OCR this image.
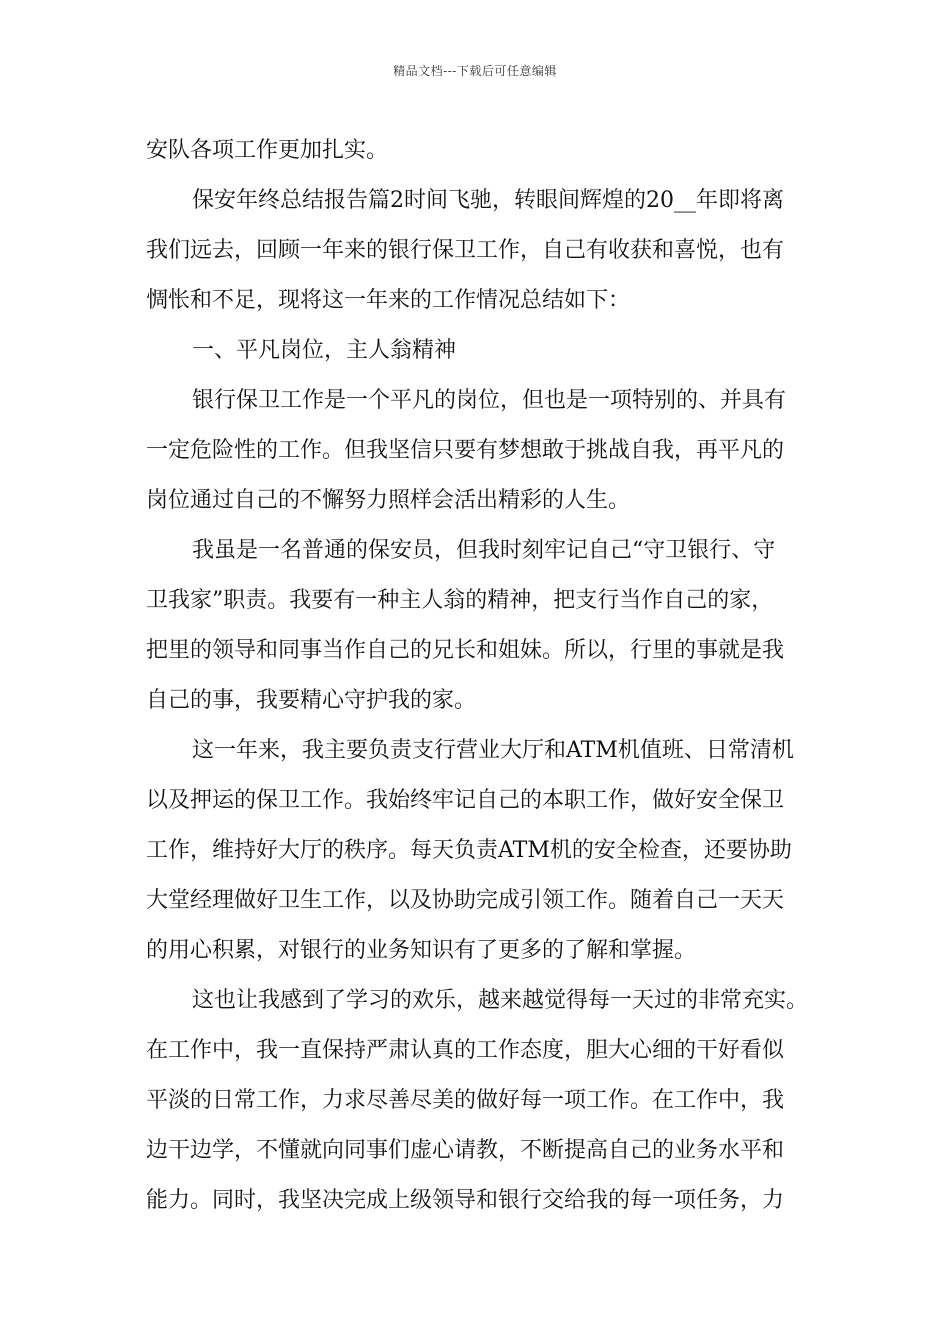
精品文档---下载后可任意编辑
安队各项工作更加扎实。
保安年终总结报告篇2时间飞驰，转眼间辉煌的20__年即将离
我们远去，回顾一年来的银行保卫工作，自己有收获和喜悦，也有
惆怅和不足，现将这一年来的工作情况总结如下：
一、平凡岗位，主人翁精神
银行保卫工作是一个平凡的岗位，但也是一项特别的、并具有
一定危险性的工作。但我坚信只要有梦想敢于挑战自我，再平凡的
岗位通过自己的不懈努力照样会活出精彩的人生。
我虽是一名普通的保安员，但我时刻牢记自己“守卫银行、守
卫我家”职责。我要有一种主人翁的精神，把支行当作自己的家，
把里的领导和同事当作自己的兄长和姐妹。所以，行里的事就是我
自己的事，我要精心守护我的家。
这一年来，我主要负责支行营业大厅和ATM机值班、日常清机
以及押运的保卫工作。我始终牢记自己的本职工作，做好安全保卫
工作，维持好大厅的秩序。每天负责ATM机的安全检查，还要协助
大堂经理做好卫生工作，以及协助完成引领工作。随着自己一天天
的用心积累，对银行的业务知识有了更多的了解和掌握。
这也让我感到了学习的欢乐，越来越觉得每一天过的非常充实。
在工作中，我一直保持严肃认真的工作态度，胆大心细的干好看似
平淡的日常工作，力求尽善尽美的做好每一项工作。在工作中，我
边干边学，不懂就向同事们虚心请教，不断提高自己的业务水平和
能力。同时，我坚决完成上级领导和银行交给我的每一项任务，力
